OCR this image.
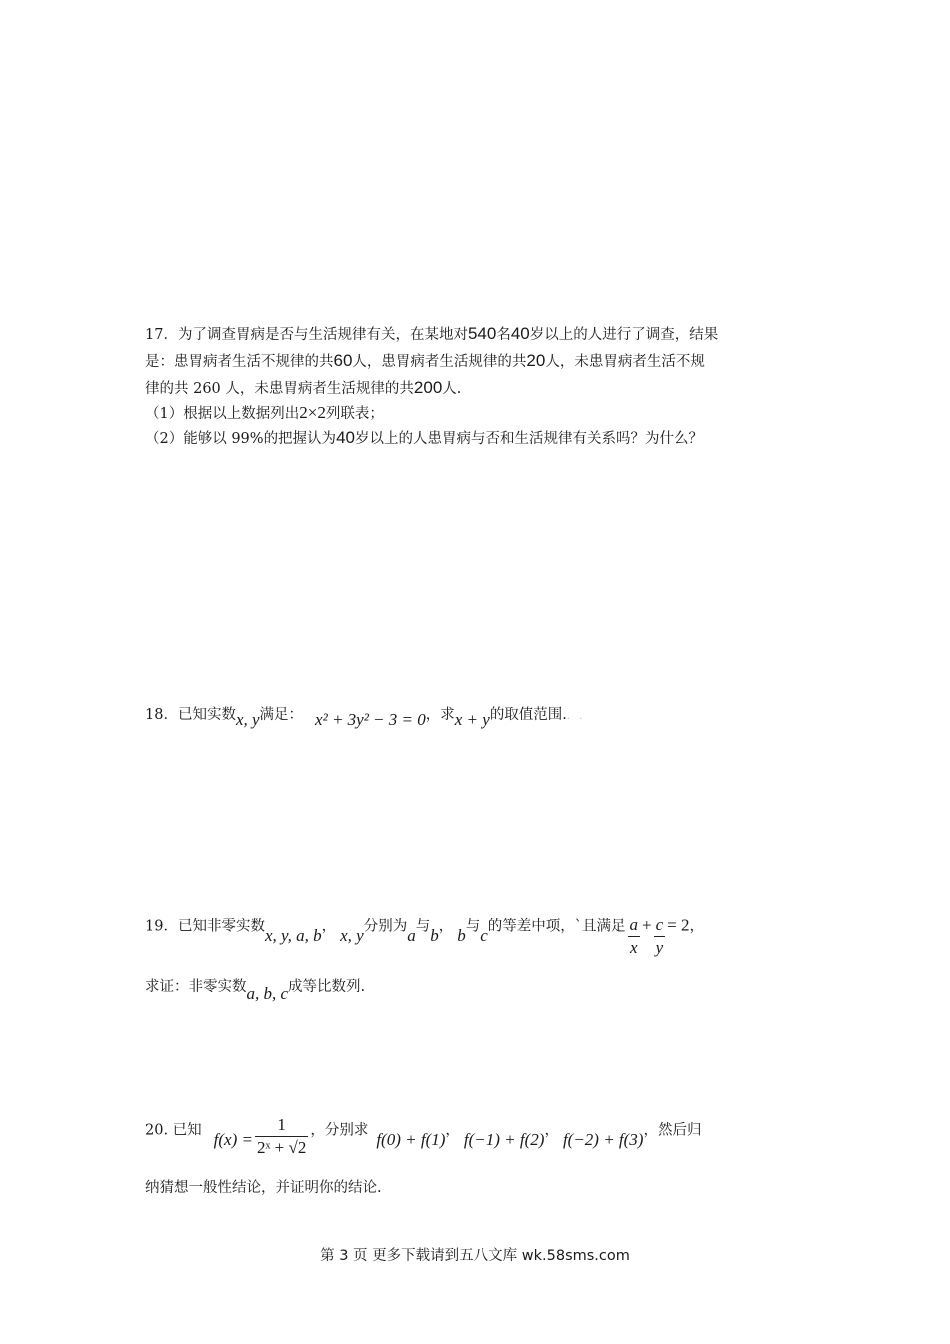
17．为了调查胃病是否与生活规律有关，在某地对540名40岁以上的人进行了调查，结果
是：患胃病者生活不规律的共60人，患胃病者生活规律的共20人，未患胃病者生活不规
律的共 260 人，未患胃病者生活规律的共200人.
（1）根据以上数据列出2×2列联表；
（2）能够以 99%的把握认为40岁以上的人患胃病与否和生活规律有关系吗？为什么？
18．已知实数x, y满足： x² + 3y² − 3 = 0，求x + y的取值范围.. .
19．已知非零实数x, y, a, b， x, y分别为a与b， b与c的等差中项，`且满足 $\frac{a}{x} + \frac{c}{y} = 2$，
求证：非零实数a, b, c成等比数列.
20. 已知 $f(x) = \frac{1}{\text{2ˣ + √2}}$ ，分别求 f(0) + f(1)， f(−1) + f(2)， f(−2) + f(3)，然后归
纳猜想一般性结论，并证明你的结论.
第 3 页 更多下载请到五八文库 wk.58sms.com
